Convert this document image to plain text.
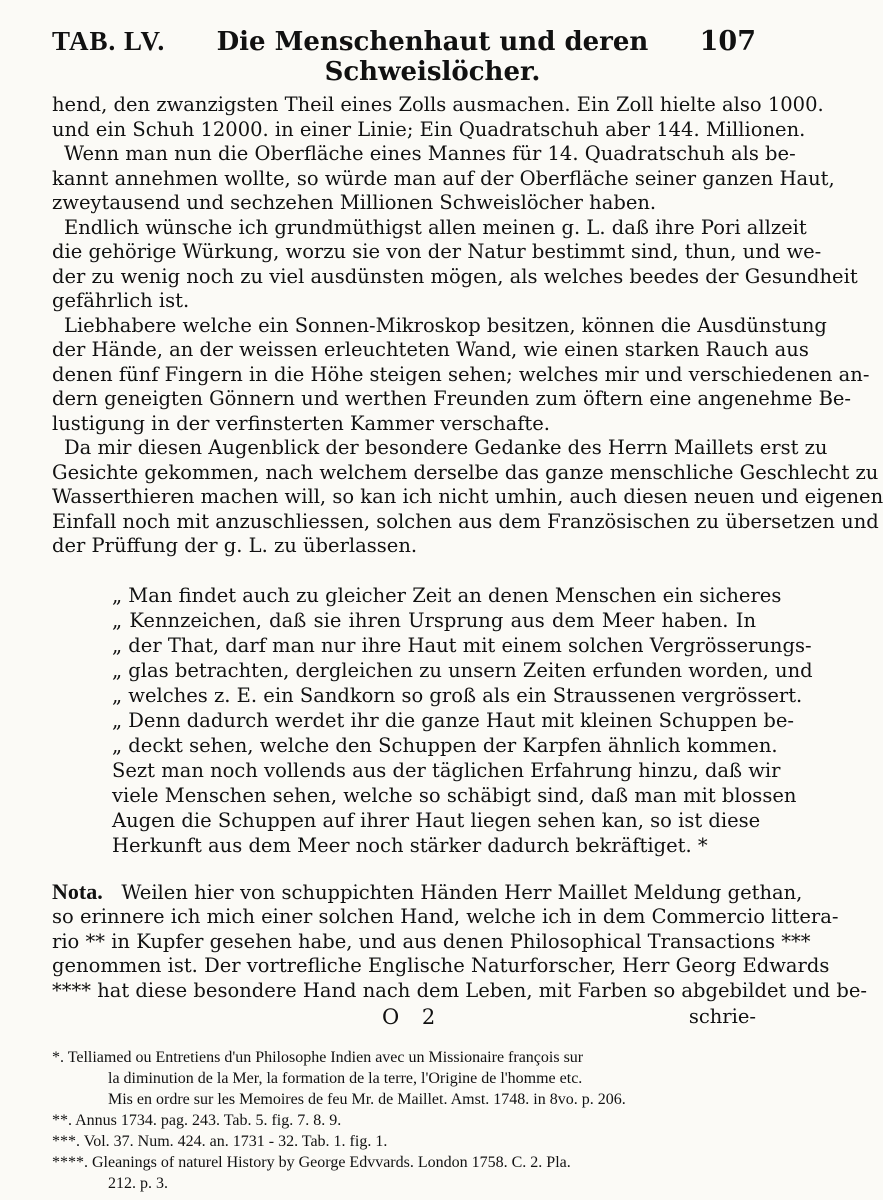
TAB. LV.	Die Menschenhaut und deren Schweislöcher.
107
hend, den zwanzigsten Theil eines Zolls ausmachen. Ein Zoll hielte also 1000.
und ein Schuh 12000. in einer Linie; Ein Quadratschuh aber 144. Millionen.
Wenn man nun die Oberfläche eines Mannes für 14. Quadratschuh als be-
kannt annehmen wollte, so würde man auf der Oberfläche seiner ganzen Haut,
zweytausend und sechzehen Millionen Schweislöcher haben.
Endlich wünsche ich grundmüthigst allen meinen g. L. daß ihre Pori allzeit
die gehörige Würkung, worzu sie von der Natur bestimmt sind, thun, und we-
der zu wenig noch zu viel ausdünsten mögen, als welches beedes der Gesundheit
gefährlich ist.
Liebhabere welche ein Sonnen-Mikroskop besitzen, können die Ausdünstung
der Hände, an der weissen erleuchteten Wand, wie einen starken Rauch aus
denen fünf Fingern in die Höhe steigen sehen; welches mir und verschiedenen an-
dern geneigten Gönnern und werthen Freunden zum öftern eine angenehme Be-
lustigung in der verfinsterten Kammer verschafte.
Da mir diesen Augenblick der besondere Gedanke des Herrn Maillets erst zu
Gesichte gekommen, nach welchem derselbe das ganze menschliche Geschlecht zu
Wasserthieren machen will, so kan ich nicht umhin, auch diesen neuen und eigenen
Einfall noch mit anzuschliessen, solchen aus dem Französischen zu übersetzen und
der Prüffung der g. L. zu überlassen.
„ Man findet auch zu gleicher Zeit an denen Menschen ein sicheres
„ Kennzeichen, daß sie ihren Ursprung aus dem Meer haben. In
„ der That, darf man nur ihre Haut mit einem solchen Vergrösserungs-
„ glas betrachten, dergleichen zu unsern Zeiten erfunden worden, und
„ welches z. E. ein Sandkorn so groß als ein Straussenen vergrössert.
„ Denn dadurch werdet ihr die ganze Haut mit kleinen Schuppen be-
„ deckt sehen, welche den Schuppen der Karpfen ähnlich kommen.
Sezt man noch vollends aus der täglichen Erfahrung hinzu, daß wir
viele Menschen sehen, welche so schäbigt sind, daß man mit blossen
Augen die Schuppen auf ihrer Haut liegen sehen kan, so ist diese
Herkunft aus dem Meer noch stärker dadurch bekräftiget. *
Nota. Weilen hier von schuppichten Händen Herr Maillet Meldung gethan,
so erinnere ich mich einer solchen Hand, welche ich in dem Commercio littera-
rio ** in Kupfer gesehen habe, und aus denen Philosophical Transactions ***
genommen ist. Der vortrefliche Englische Naturforscher, Herr Georg Edwards
**** hat diese besondere Hand nach dem Leben, mit Farben so abgebildet und be-
O 2	schrie-
*. Telliamed ou Entretiens d'un Philosophe Indien avec un Missionaire françois sur
la diminution de la Mer, la formation de la terre, l'Origine de l'homme etc.
Mis en ordre sur les Memoires de feu Mr. de Maillet. Amst. 1748. in 8vo. p. 206.
**. Annus 1734. pag. 243. Tab. 5. fig. 7. 8. 9.
***. Vol. 37. Num. 424. an. 1731 - 32. Tab. 1. fig. 1.
****. Gleanings of naturel History by George Edvvards. London 1758. C. 2. Pla.
212. p. 3.
